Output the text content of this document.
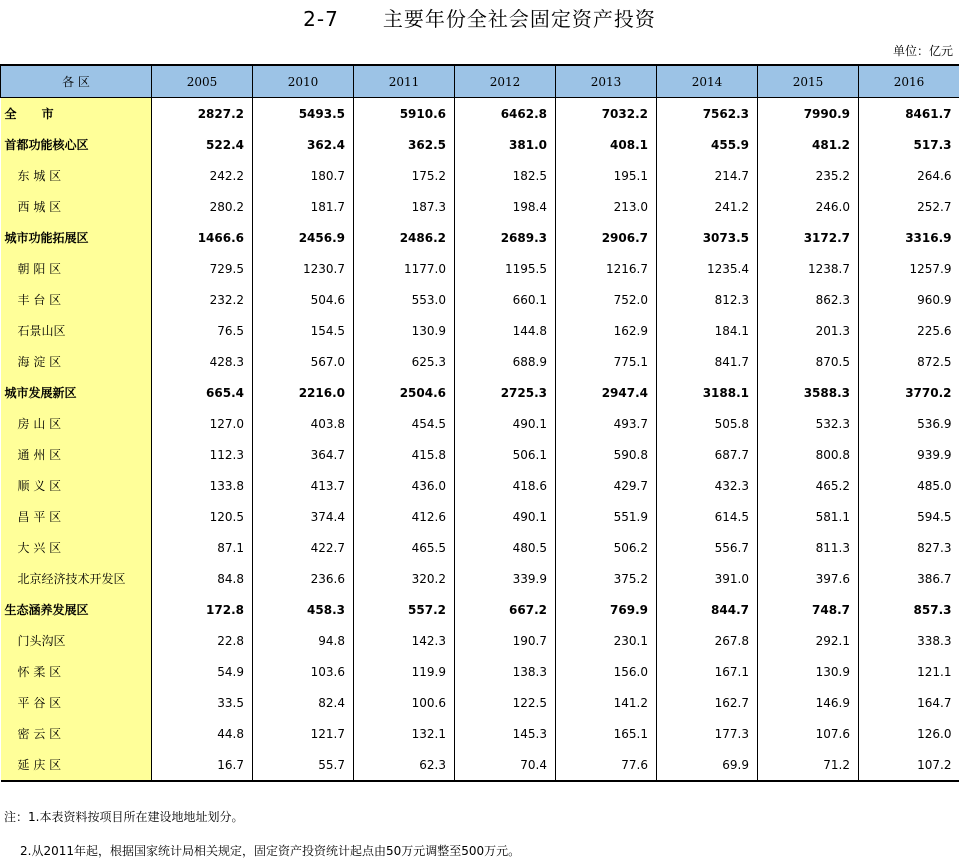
2-7 主要年份全社会固定资产投资
单位：亿元
各 区	2005	2010	2011	2012	2013	2014	2015	2016
全      市	2827.2	5493.5	5910.6	6462.8	7032.2	7562.3	7990.9	8461.7
首都功能核心区	522.4	362.4	362.5	381.0	408.1	455.9	481.2	517.3
东 城 区	242.2	180.7	175.2	182.5	195.1	214.7	235.2	264.6
西 城 区	280.2	181.7	187.3	198.4	213.0	241.2	246.0	252.7
城市功能拓展区	1466.6	2456.9	2486.2	2689.3	2906.7	3073.5	3172.7	3316.9
朝 阳 区	729.5	1230.7	1177.0	1195.5	1216.7	1235.4	1238.7	1257.9
丰 台 区	232.2	504.6	553.0	660.1	752.0	812.3	862.3	960.9
石景山区	76.5	154.5	130.9	144.8	162.9	184.1	201.3	225.6
海 淀 区	428.3	567.0	625.3	688.9	775.1	841.7	870.5	872.5
城市发展新区	665.4	2216.0	2504.6	2725.3	2947.4	3188.1	3588.3	3770.2
房 山 区	127.0	403.8	454.5	490.1	493.7	505.8	532.3	536.9
通 州 区	112.3	364.7	415.8	506.1	590.8	687.7	800.8	939.9
顺 义 区	133.8	413.7	436.0	418.6	429.7	432.3	465.2	485.0
昌 平 区	120.5	374.4	412.6	490.1	551.9	614.5	581.1	594.5
大 兴 区	87.1	422.7	465.5	480.5	506.2	556.7	811.3	827.3
北京经济技术开发区	84.8	236.6	320.2	339.9	375.2	391.0	397.6	386.7
生态涵养发展区	172.8	458.3	557.2	667.2	769.9	844.7	748.7	857.3
门头沟区	22.8	94.8	142.3	190.7	230.1	267.8	292.1	338.3
怀 柔 区	54.9	103.6	119.9	138.3	156.0	167.1	130.9	121.1
平 谷 区	33.5	82.4	100.6	122.5	141.2	162.7	146.9	164.7
密 云 区	44.8	121.7	132.1	145.3	165.1	177.3	107.6	126.0
延 庆 区	16.7	55.7	62.3	70.4	77.6	69.9	71.2	107.2
注：1.本表资料按项目所在建设地地址划分。
2.从2011年起，根据国家统计局相关规定，固定资产投资统计起点由50万元调整至500万元。
